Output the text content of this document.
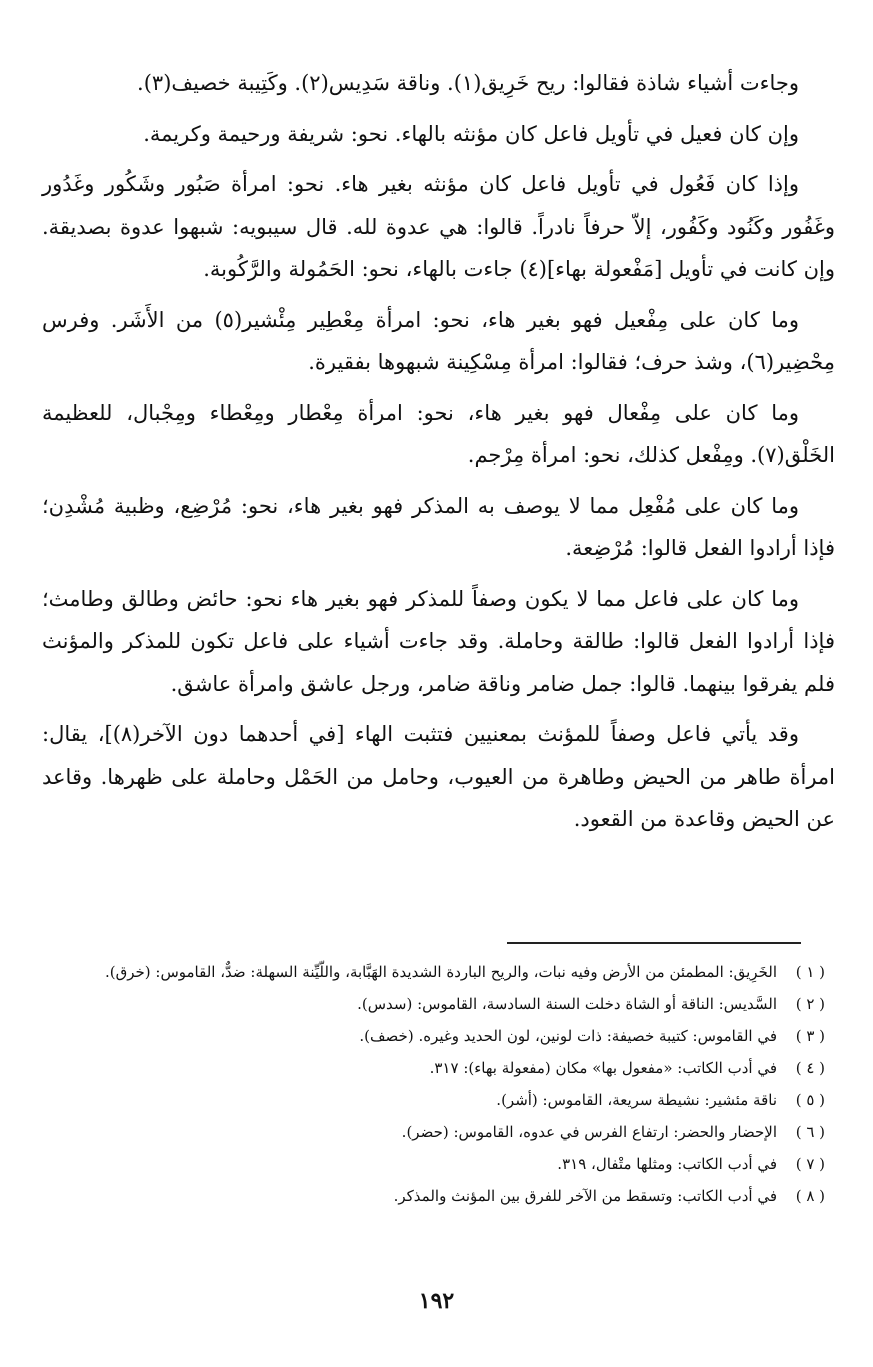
وجاءت أشياء شاذة فقالوا: ريح خَرِيق(١). وناقة سَدِيس(٢). وكَتِيبة خصيف(٣).

وإن كان فعيل في تأويل فاعل كان مؤنثه بالهاء. نحو: شريفة ورحيمة وكريمة.

وإذا كان فَعُول في تأويل فاعل كان مؤنثه بغير هاء. نحو: امرأة صَبُور وشَكُور وغَدُور وغَفُور وكَنُود وكَفُور، إلاّ حرفاً نادراً. قالوا: هي عدوة لله. قال سيبويه: شبهوا عدوة بصديقة. وإن كانت في تأويل [مَفْعولة بهاء](٤) جاءت بالهاء، نحو: الحَمُولة والرَّكُوبة.

وما كان على مِفْعيل فهو بغير هاء، نحو: امرأة مِعْطِير مِئْشير(٥) من الأَشَر. وفرس مِحْضِير(٦)، وشذ حرف؛ فقالوا: امرأة مِسْكِينة شبهوها بفقيرة.

وما كان على مِفْعال فهو بغير هاء، نحو: امرأة مِعْطار ومِعْطاء ومِجْبال، للعظيمة الخَلْق(٧). ومِفْعل كذلك، نحو: امرأة مِرْجم.

وما كان على مُفْعِل مما لا يوصف به المذكر فهو بغير هاء، نحو: مُرْضِع، وظبية مُشْدِن؛ فإذا أرادوا الفعل قالوا: مُرْضِعة.

وما كان على فاعل مما لا يكون وصفاً للمذكر فهو بغير هاء نحو: حائض وطالق وطامث؛ فإذا أرادوا الفعل قالوا: طالقة وحاملة. وقد جاءت أشياء على فاعل تكون للمذكر والمؤنث فلم يفرقوا بينهما. قالوا: جمل ضامر وناقة ضامر، ورجل عاشق وامرأة عاشق.

وقد يأتي فاعل وصفاً للمؤنث بمعنيين فتثبت الهاء [في أحدهما دون الآخر(٨)]، يقال: امرأة طاهر من الحيض وطاهرة من العيوب، وحامل من الحَمْل وحاملة على ظهرها. وقاعد عن الحيض وقاعدة من القعود.

( ١ )
الخَرِيق: المطمئن من الأرض وفيه نبات، والريح الباردة الشديدة الهَبَّابة، واللّيِّنة السهلة: ضدٌّ، القاموس: (خرق).
( ٢ )
السَّديس: الناقة أو الشاة دخلت السنة السادسة، القاموس: (سدس).
( ٣ )
في القاموس: كتيبة خصيفة: ذات لونين، لون الحديد وغيره. (خصف).
( ٤ )
في أدب الكاتب: «مفعول بها» مكان (مفعولة بهاء): ٣١٧.
( ٥ )
ناقة مئشير: نشيطة سريعة، القاموس: (أشر).
( ٦ )
الإحضار والحضر: ارتفاع الفرس في عدوه، القاموس: (حضر).
( ٧ )
في أدب الكاتب: ومثلها متْفال، ٣١٩.
( ٨ )
في أدب الكاتب: وتسقط من الآخر للفرق بين المؤنث والمذكر.
١٩٢
